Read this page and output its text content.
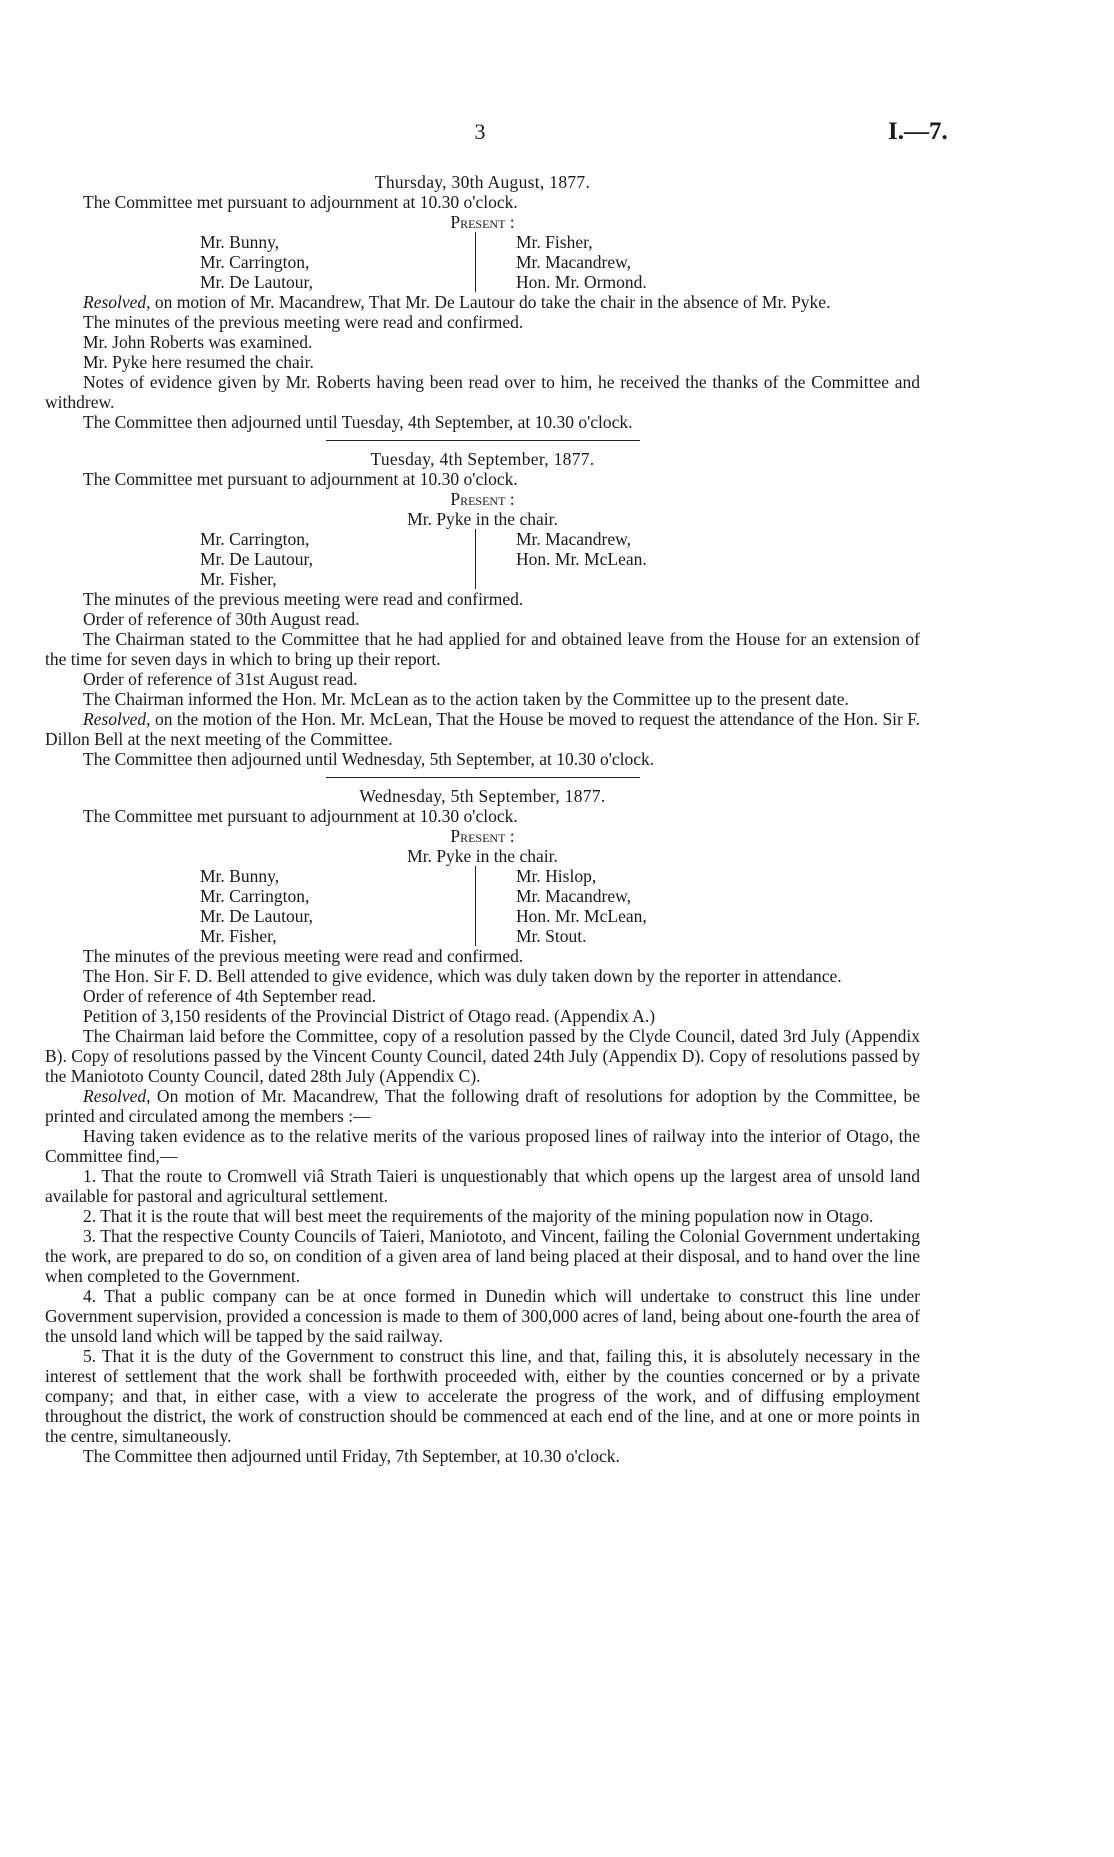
3	I.—7.
Thursday, 30th August, 1877.

The Committee met pursuant to adjournment at 10.30 o'clock.

Present :
Mr. Bunny,
Mr. Carrington,
Mr. De Lautour,
Mr. Fisher,
Mr. Macandrew,
Hon. Mr. Ormond.

Resolved, on motion of Mr. Macandrew, That Mr. De Lautour do take the chair in the absence of Mr. Pyke.

The minutes of the previous meeting were read and confirmed.

Mr. John Roberts was examined.

Mr. Pyke here resumed the chair.

Notes of evidence given by Mr. Roberts having been read over to him, he received the thanks of the Committee and withdrew.

The Committee then adjourned until Tuesday, 4th September, at 10.30 o'clock.

Tuesday, 4th September, 1877.

The Committee met pursuant to adjournment at 10.30 o'clock.

Present :
Mr. Pyke in the chair.
Mr. Carrington,
Mr. De Lautour,
Mr. Fisher,
Mr. Macandrew,
Hon. Mr. McLean.

The minutes of the previous meeting were read and confirmed.

Order of reference of 30th August read.

The Chairman stated to the Committee that he had applied for and obtained leave from the House for an extension of the time for seven days in which to bring up their report.

Order of reference of 31st August read.

The Chairman informed the Hon. Mr. McLean as to the action taken by the Committee up to the present date.

Resolved, on the motion of the Hon. Mr. McLean, That the House be moved to request the attendance of the Hon. Sir F. Dillon Bell at the next meeting of the Committee.

The Committee then adjourned until Wednesday, 5th September, at 10.30 o'clock.

Wednesday, 5th September, 1877.

The Committee met pursuant to adjournment at 10.30 o'clock.

Present :
Mr. Pyke in the chair.
Mr. Bunny,
Mr. Carrington,
Mr. De Lautour,
Mr. Fisher,
Mr. Hislop,
Mr. Macandrew,
Hon. Mr. McLean,
Mr. Stout.

The minutes of the previous meeting were read and confirmed.

The Hon. Sir F. D. Bell attended to give evidence, which was duly taken down by the reporter in attendance.

Order of reference of 4th September read.

Petition of 3,150 residents of the Provincial District of Otago read. (Appendix A.)

The Chairman laid before the Committee, copy of a resolution passed by the Clyde Council, dated 3rd July (Appendix B). Copy of resolutions passed by the Vincent County Council, dated 24th July (Appendix D). Copy of resolutions passed by the Maniototo County Council, dated 28th July (Appendix C).

Resolved, On motion of Mr. Macandrew, That the following draft of resolutions for adoption by the Committee, be printed and circulated among the members :—

Having taken evidence as to the relative merits of the various proposed lines of railway into the interior of Otago, the Committee find,—

1. That the route to Cromwell viâ Strath Taieri is unquestionably that which opens up the largest area of unsold land available for pastoral and agricultural settlement.

2. That it is the route that will best meet the requirements of the majority of the mining population now in Otago.

3. That the respective County Councils of Taieri, Maniototo, and Vincent, failing the Colonial Government undertaking the work, are prepared to do so, on condition of a given area of land being placed at their disposal, and to hand over the line when completed to the Government.

4. That a public company can be at once formed in Dunedin which will undertake to construct this line under Government supervision, provided a concession is made to them of 300,000 acres of land, being about one-fourth the area of the unsold land which will be tapped by the said railway.

5. That it is the duty of the Government to construct this line, and that, failing this, it is absolutely necessary in the interest of settlement that the work shall be forthwith proceeded with, either by the counties concerned or by a private company; and that, in either case, with a view to accelerate the progress of the work, and of diffusing employment throughout the district, the work of construction should be commenced at each end of the line, and at one or more points in the centre, simultaneously.

The Committee then adjourned until Friday, 7th September, at 10.30 o'clock.
